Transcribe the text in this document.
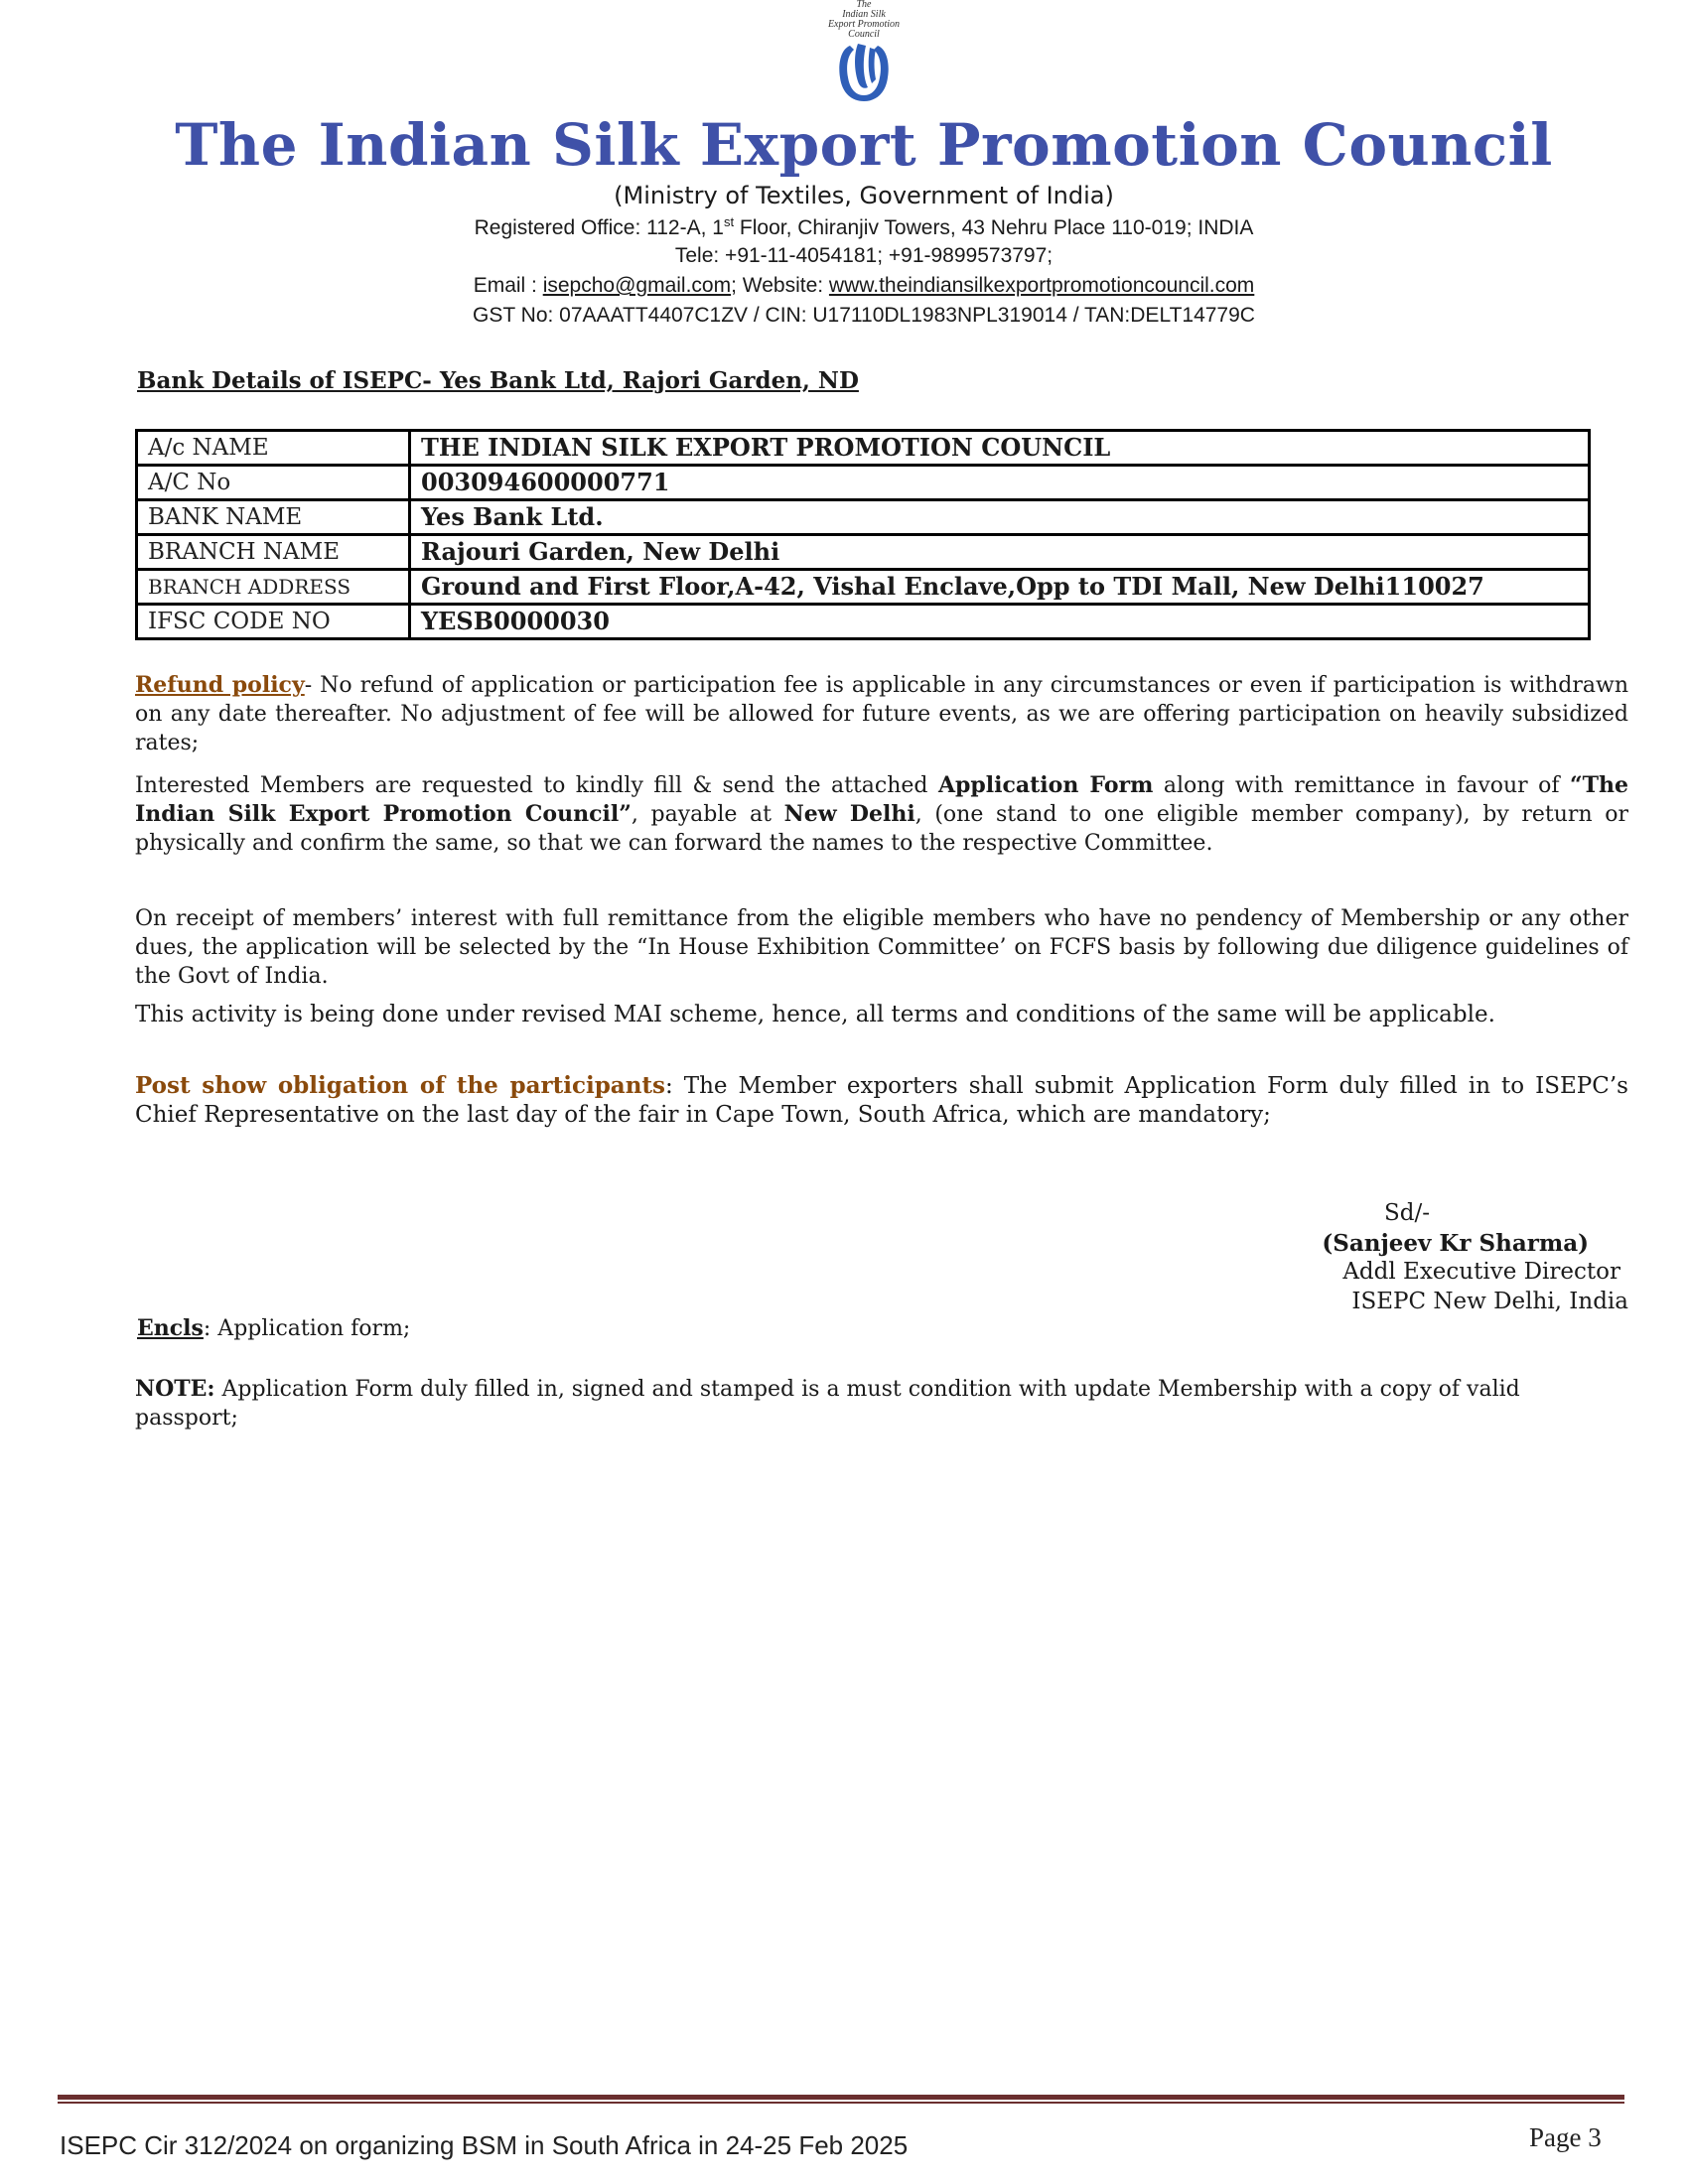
The
Indian Silk
Export Promotion
Council
The Indian Silk Export Promotion Council
(Ministry of Textiles, Government of India)
Registered Office: 112-A, 1st Floor, Chiranjiv Towers, 43 Nehru Place 110-019; INDIA
Tele: +91-11-4054181; +91-9899573797;
Email : isepcho@gmail.com; Website: www.theindiansilkexportpromotioncouncil.com
GST No: 07AAATT4407C1ZV / CIN: U17110DL1983NPL319014 / TAN:DELT14779C
Bank Details of ISEPC- Yes Bank Ltd, Rajori Garden, ND
A/c NAME	THE INDIAN SILK EXPORT PROMOTION COUNCIL
A/C No	003094600000771
BANK NAME	Yes Bank Ltd.
BRANCH NAME	Rajouri Garden, New Delhi
BRANCH ADDRESS	Ground and First Floor,A-42, Vishal Enclave,Opp to TDI Mall, New Delhi110027
IFSC CODE NO	YESB0000030
Refund policy- No refund of application or participation fee is applicable in any circumstances or even if participation is withdrawn on any date thereafter. No adjustment of fee will be allowed for future events, as we are offering participation on heavily subsidized rates;
Interested Members are requested to kindly fill & send the attached Application Form along with remittance in favour of “The Indian Silk Export Promotion Council”, payable at New Delhi, (one stand to one eligible member company), by return or physically and confirm the same, so that we can forward the names to the respective Committee.
On receipt of members’ interest with full remittance from the eligible members who have no pendency of Membership or any other dues, the application will be selected by the “In House Exhibition Committee’ on FCFS basis by following due diligence guidelines of the Govt of India.
This activity is being done under revised MAI scheme, hence, all terms and conditions of the same will be applicable.
Post show obligation of the participants: The Member exporters shall submit Application Form duly filled in to ISEPC’s Chief Representative on the last day of the fair in Cape Town, South Africa, which are mandatory;
Sd/-
(Sanjeev Kr Sharma)
Addl Executive Director
ISEPC New Delhi, India
Encls: Application form;
NOTE: Application Form duly filled in, signed and stamped is a must condition with update Membership with a copy of valid passport;
ISEPC Cir 312/2024 on organizing BSM in South Africa in 24-25 Feb 2025	Page 3
